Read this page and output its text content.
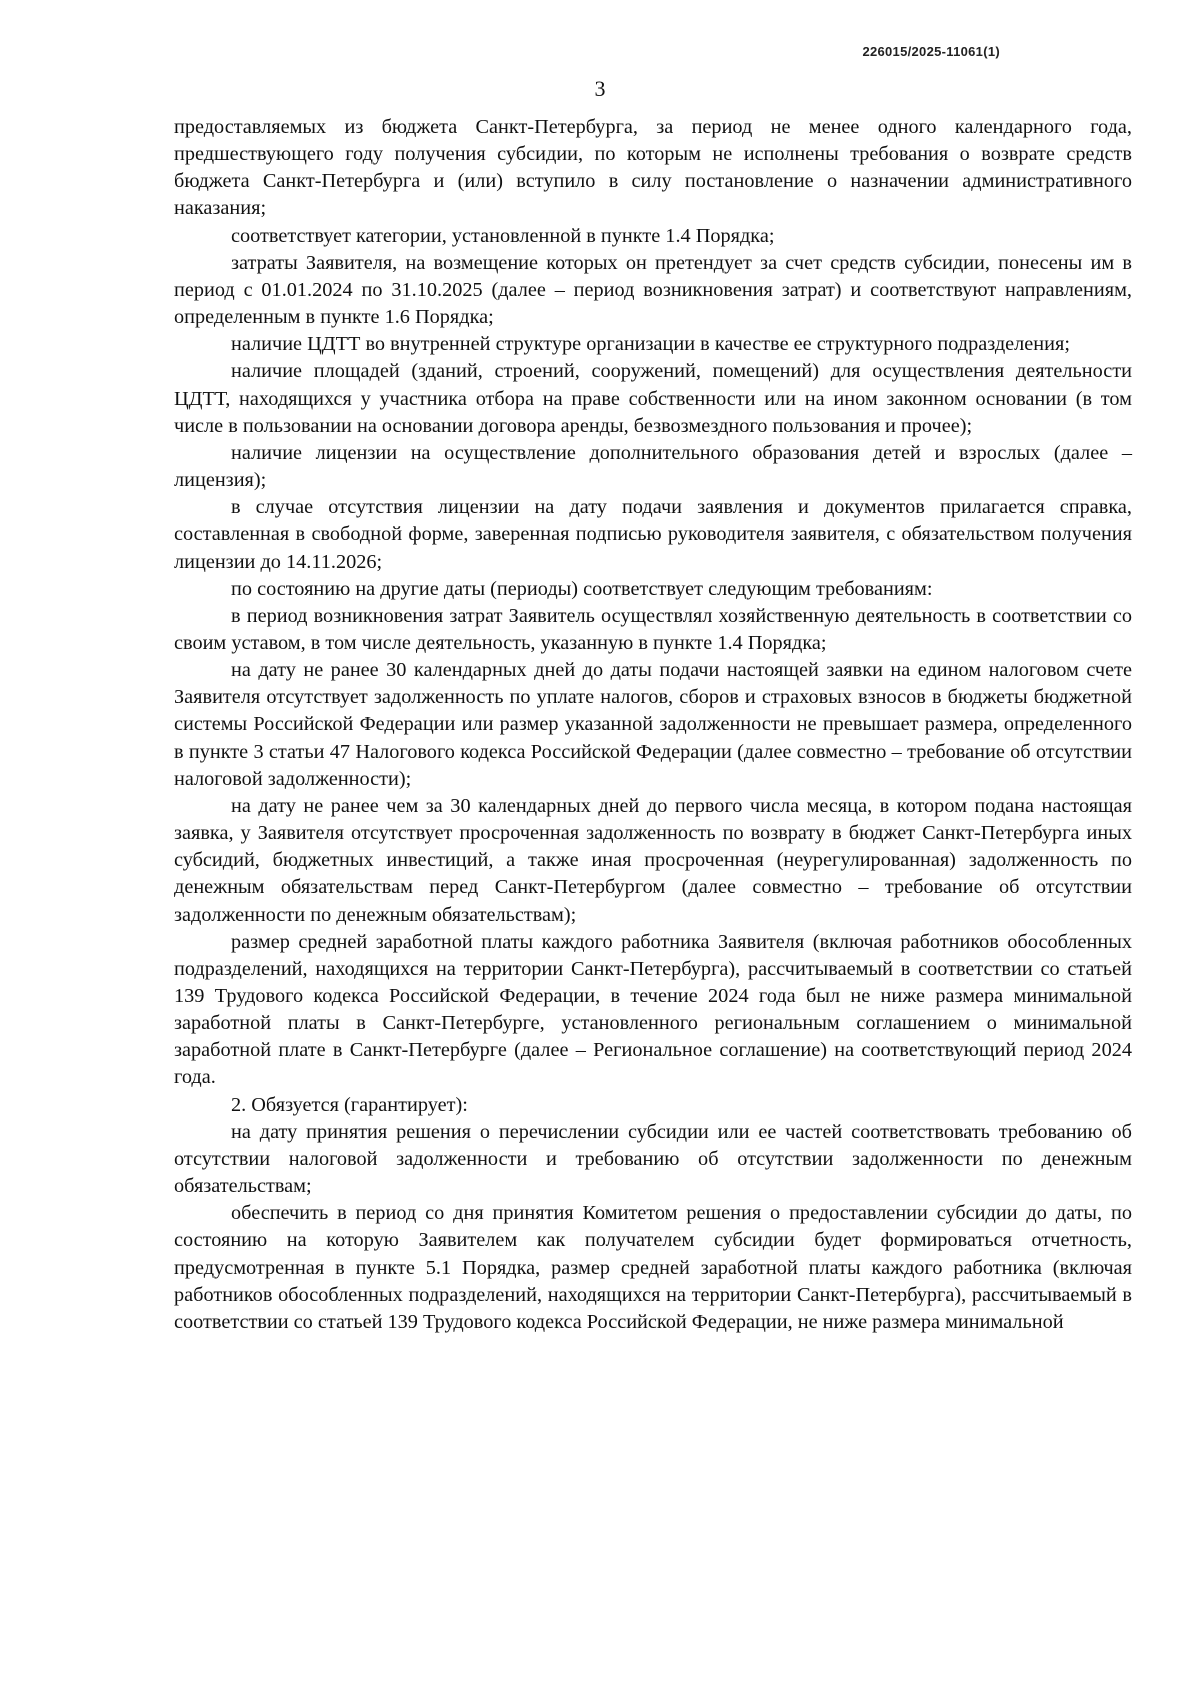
226015/2025-11061(1)
3

предоставляемых из бюджета Санкт-Петербурга, за период не менее одного календарного года, предшествующего году получения субсидии, по которым не исполнены требования о возврате средств бюджета Санкт-Петербурга и (или) вступило в силу постановление о назначении административного наказания;

соответствует категории, установленной в пункте 1.4 Порядка;

затраты Заявителя, на возмещение которых он претендует за счет средств субсидии, понесены им в период с 01.01.2024 по 31.10.2025 (далее – период возникновения затрат) и соответствуют направлениям, определенным в пункте 1.6 Порядка;

наличие ЦДТТ во внутренней структуре организации в качестве ее структурного подразделения;

наличие площадей (зданий, строений, сооружений, помещений) для осуществления деятельности ЦДТТ, находящихся у участника отбора на праве собственности или на ином законном основании (в том числе в пользовании на основании договора аренды, безвозмездного пользования и прочее);

наличие лицензии на осуществление дополнительного образования детей и взрослых (далее – лицензия);

в случае отсутствия лицензии на дату подачи заявления и документов прилагается справка, составленная в свободной форме, заверенная подписью руководителя заявителя, с обязательством получения лицензии до 14.11.2026;

по состоянию на другие даты (периоды) соответствует следующим требованиям:

в период возникновения затрат Заявитель осуществлял хозяйственную деятельность в соответствии со своим уставом, в том числе деятельность, указанную в пункте 1.4 Порядка;

на дату не ранее 30 календарных дней до даты подачи настоящей заявки на едином налоговом счете Заявителя отсутствует задолженность по уплате налогов, сборов и страховых взносов в бюджеты бюджетной системы Российской Федерации или размер указанной задолженности не превышает размера, определенного в пункте 3 статьи 47 Налогового кодекса Российской Федерации (далее совместно – требование об отсутствии налоговой задолженности);

на дату не ранее чем за 30 календарных дней до первого числа месяца, в котором подана настоящая заявка, у Заявителя отсутствует просроченная задолженность по возврату в бюджет Санкт-Петербурга иных субсидий, бюджетных инвестиций, а также иная просроченная (неурегулированная) задолженность по денежным обязательствам перед Санкт-Петербургом (далее совместно – требование об отсутствии задолженности по денежным обязательствам);

размер средней заработной платы каждого работника Заявителя (включая работников обособленных подразделений, находящихся на территории Санкт-Петербурга), рассчитываемый в соответствии со статьей 139 Трудового кодекса Российской Федерации, в течение 2024 года был не ниже размера минимальной заработной платы в Санкт-Петербурге, установленного региональным соглашением о минимальной заработной плате в Санкт-Петербурге (далее – Региональное соглашение) на соответствующий период 2024 года.

2. Обязуется (гарантирует):

на дату принятия решения о перечислении субсидии или ее частей соответствовать требованию об отсутствии налоговой задолженности и требованию об отсутствии задолженности по денежным обязательствам;

обеспечить в период со дня принятия Комитетом решения о предоставлении субсидии до даты, по состоянию на которую Заявителем как получателем субсидии будет формироваться отчетность, предусмотренная в пункте 5.1 Порядка, размер средней заработной платы каждого работника (включая работников обособленных подразделений, находящихся на территории Санкт-Петербурга), рассчитываемый в соответствии со статьей 139 Трудового кодекса Российской Федерации, не ниже размера минимальной
